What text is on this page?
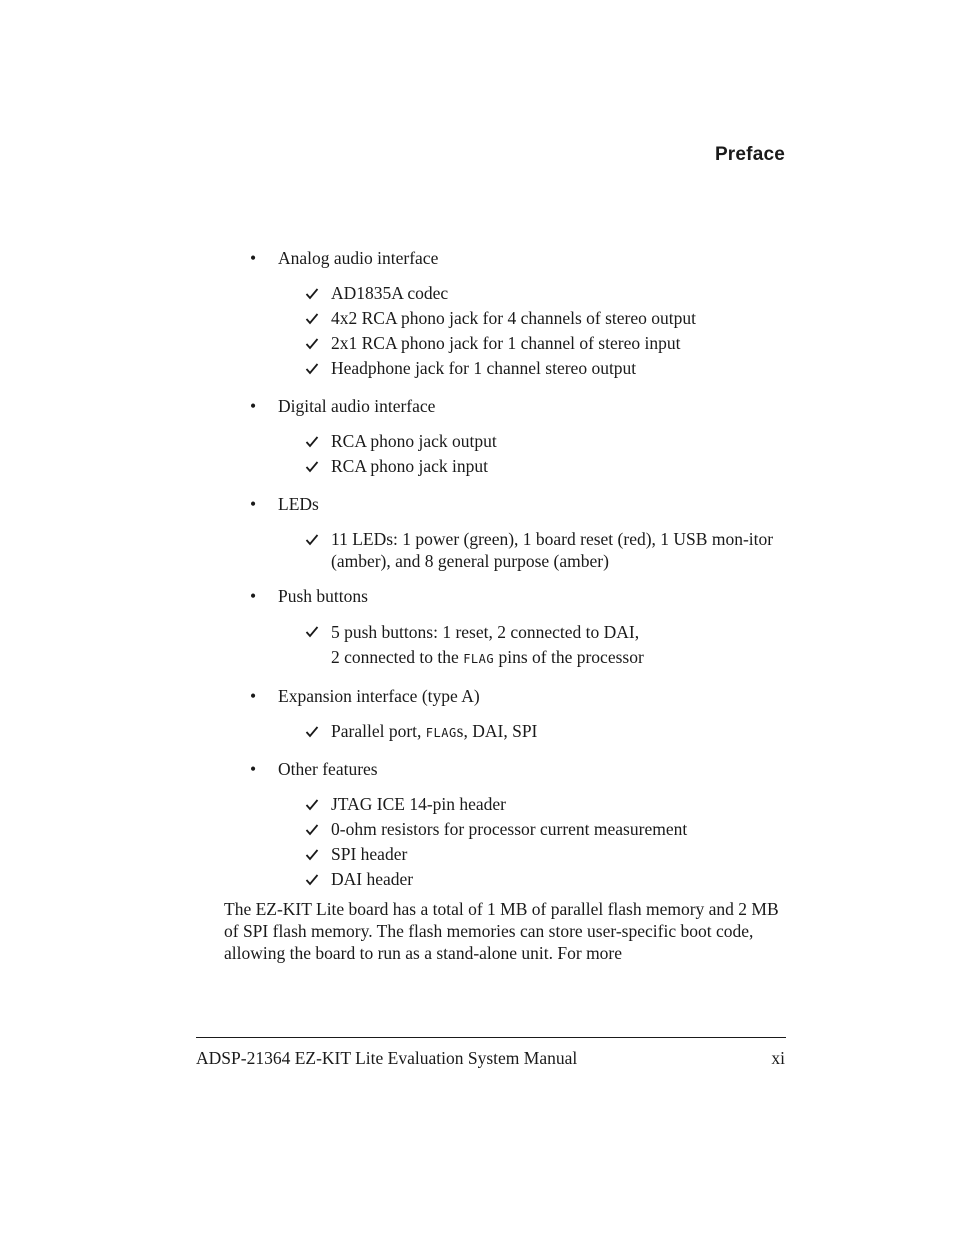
Preface
• Analog audio interface
AD1835A codec
4x2 RCA phono jack for 4 channels of stereo output
2x1 RCA phono jack for 1 channel of stereo input
Headphone jack for 1 channel stereo output
• Digital audio interface
RCA phono jack output
RCA phono jack input
• LEDs
11 LEDs: 1 power (green), 1 board reset (red), 1 USB mon-itor (amber), and 8 general purpose (amber)
• Push buttons
5 push buttons: 1 reset, 2 connected to DAI,
2 connected to the FLAG pins of the processor
• Expansion interface (type A)
Parallel port, FLAGs, DAI, SPI
• Other features
JTAG ICE 14-pin header
0-ohm resistors for processor current measurement
SPI header
DAI header
The EZ-KIT Lite board has a total of 1 MB of parallel flash memory and 2 MB of SPI flash memory. The flash memories can store user-specific boot code, allowing the board to run as a stand-alone unit. For more
ADSP-21364 EZ-KIT Lite Evaluation System Manual	xi
